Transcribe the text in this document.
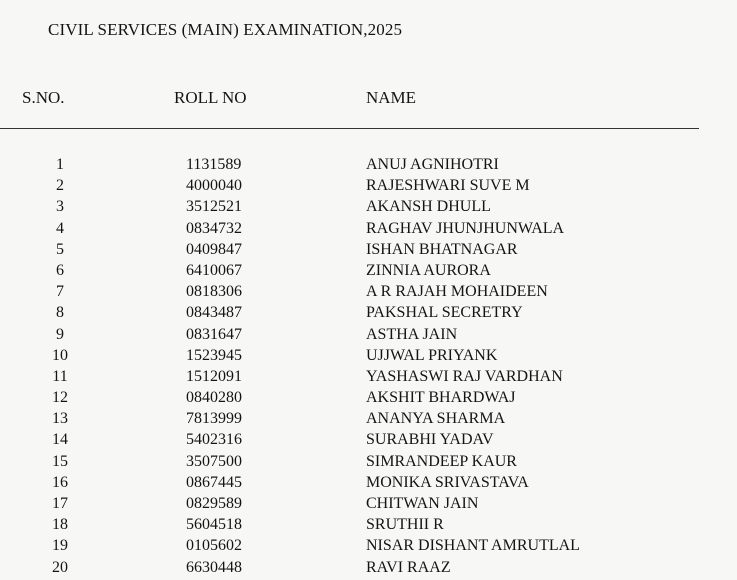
CIVIL SERVICES (MAIN) EXAMINATION,2025
S.NO.	ROLL NO	NAME
1	1131589	ANUJ AGNIHOTRI
2	4000040	RAJESHWARI SUVE M
3	3512521	AKANSH DHULL
4	0834732	RAGHAV JHUNJHUNWALA
5	0409847	ISHAN BHATNAGAR
6	6410067	ZINNIA AURORA
7	0818306	A R RAJAH MOHAIDEEN
8	0843487	PAKSHAL SECRETRY
9	0831647	ASTHA JAIN
10	1523945	UJJWAL PRIYANK
11	1512091	YASHASWI RAJ VARDHAN
12	0840280	AKSHIT BHARDWAJ
13	7813999	ANANYA SHARMA
14	5402316	SURABHI YADAV
15	3507500	SIMRANDEEP KAUR
16	0867445	MONIKA SRIVASTAVA
17	0829589	CHITWAN JAIN
18	5604518	SRUTHII R
19	0105602	NISAR DISHANT AMRUTLAL
20	6630448	RAVI RAAZ
